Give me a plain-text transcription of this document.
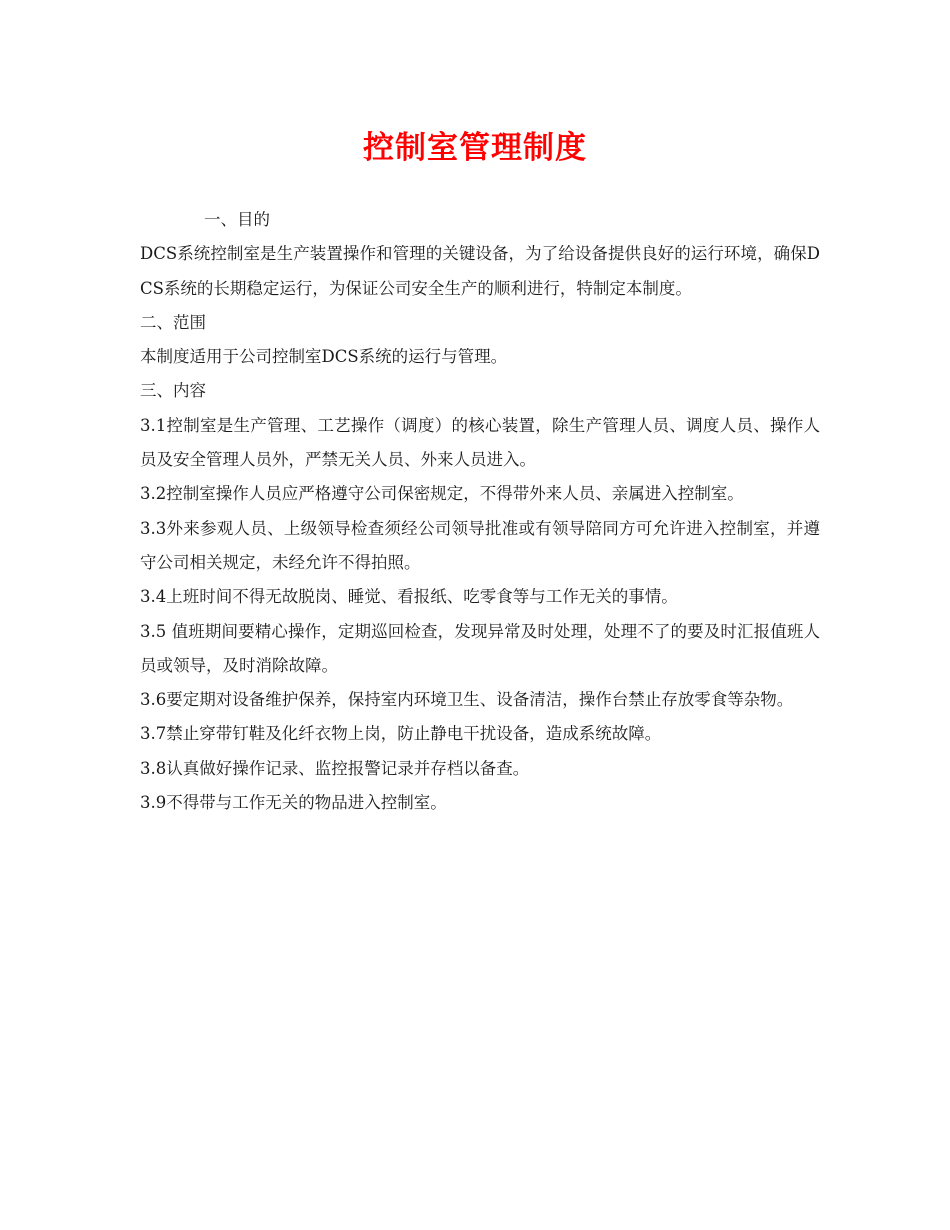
控制室管理制度

一、目的

DCS系统控制室是生产装置操作和管理的关键设备，为了给设备提供良好的运行环境，确保DCS系统的长期稳定运行，为保证公司安全生产的顺利进行，特制定本制度。

二、范围

本制度适用于公司控制室DCS系统的运行与管理。

三、内容

3.1控制室是生产管理、工艺操作（调度）的核心装置，除生产管理人员、调度人员、操作人员及安全管理人员外，严禁无关人员、外来人员进入。

3.2控制室操作人员应严格遵守公司保密规定，不得带外来人员、亲属进入控制室。

3.3外来参观人员、上级领导检查须经公司领导批准或有领导陪同方可允许进入控制室，并遵守公司相关规定，未经允许不得拍照。

3.4上班时间不得无故脱岗、睡觉、看报纸、吃零食等与工作无关的事情。

3.5 值班期间要精心操作，定期巡回检查，发现异常及时处理，处理不了的要及时汇报值班人员或领导，及时消除故障。

3.6要定期对设备维护保养，保持室内环境卫生、设备清洁，操作台禁止存放零食等杂物。

3.7禁止穿带钉鞋及化纤衣物上岗，防止静电干扰设备，造成系统故障。

3.8认真做好操作记录、监控报警记录并存档以备查。

3.9不得带与工作无关的物品进入控制室。
